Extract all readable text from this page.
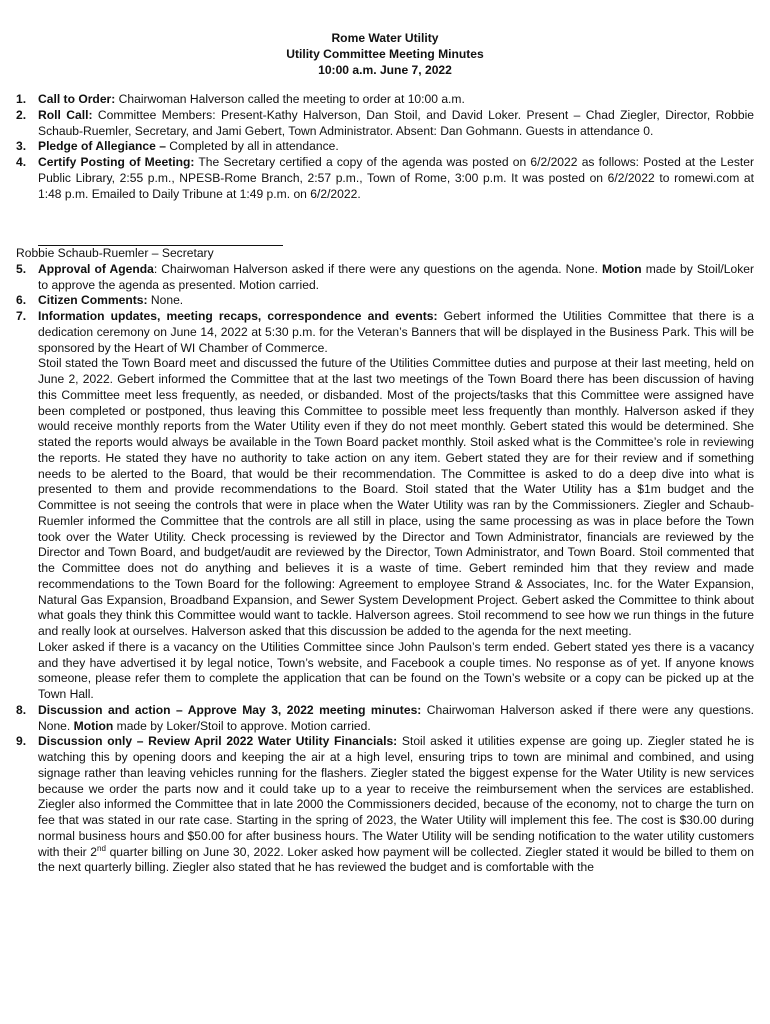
Rome Water Utility
Utility Committee Meeting Minutes
10:00 a.m. June 7, 2022
1. Call to Order: Chairwoman Halverson called the meeting to order at 10:00 a.m.
2. Roll Call: Committee Members: Present-Kathy Halverson, Dan Stoil, and David Loker. Present – Chad Ziegler, Director, Robbie Schaub-Ruemler, Secretary, and Jami Gebert, Town Administrator. Absent: Dan Gohmann. Guests in attendance 0.
3. Pledge of Allegiance – Completed by all in attendance.
4. Certify Posting of Meeting: The Secretary certified a copy of the agenda was posted on 6/2/2022 as follows: Posted at the Lester Public Library, 2:55 p.m., NPESB-Rome Branch, 2:57 p.m., Town of Rome, 3:00 p.m. It was posted on 6/2/2022 to romewi.com at 1:48 p.m. Emailed to Daily Tribune at 1:49 p.m. on 6/2/2022.
Robbie Schaub-Ruemler – Secretary
5. Approval of Agenda: Chairwoman Halverson asked if there were any questions on the agenda. None. Motion made by Stoil/Loker to approve the agenda as presented. Motion carried.
6. Citizen Comments: None.
7. Information updates, meeting recaps, correspondence and events: Gebert informed the Utilities Committee that there is a dedication ceremony on June 14, 2022 at 5:30 p.m. for the Veteran’s Banners that will be displayed in the Business Park. This will be sponsored by the Heart of WI Chamber of Commerce.
Stoil stated the Town Board meet and discussed the future of the Utilities Committee duties and purpose at their last meeting, held on June 2, 2022. Gebert informed the Committee that at the last two meetings of the Town Board there has been discussion of having this Committee meet less frequently, as needed, or disbanded. Most of the projects/tasks that this Committee were assigned have been completed or postponed, thus leaving this Committee to possible meet less frequently than monthly. Halverson asked if they would receive monthly reports from the Water Utility even if they do not meet monthly. Gebert stated this would be determined. She stated the reports would always be available in the Town Board packet monthly. Stoil asked what is the Committee’s role in reviewing the reports. He stated they have no authority to take action on any item. Gebert stated they are for their review and if something needs to be alerted to the Board, that would be their recommendation. The Committee is asked to do a deep dive into what is presented to them and provide recommendations to the Board. Stoil stated that the Water Utility has a $1m budget and the Committee is not seeing the controls that were in place when the Water Utility was ran by the Commissioners. Ziegler and Schaub-Ruemler informed the Committee that the controls are all still in place, using the same processing as was in place before the Town took over the Water Utility. Check processing is reviewed by the Director and Town Administrator, financials are reviewed by the Director and Town Board, and budget/audit are reviewed by the Director, Town Administrator, and Town Board. Stoil commented that the Committee does not do anything and believes it is a waste of time. Gebert reminded him that they review and made recommendations to the Town Board for the following: Agreement to employee Strand & Associates, Inc. for the Water Expansion, Natural Gas Expansion, Broadband Expansion, and Sewer System Development Project. Gebert asked the Committee to think about what goals they think this Committee would want to tackle. Halverson agrees. Stoil recommend to see how we run things in the future and really look at ourselves. Halverson asked that this discussion be added to the agenda for the next meeting.
Loker asked if there is a vacancy on the Utilities Committee since John Paulson’s term ended. Gebert stated yes there is a vacancy and they have advertised it by legal notice, Town’s website, and Facebook a couple times. No response as of yet. If anyone knows someone, please refer them to complete the application that can be found on the Town’s website or a copy can be picked up at the Town Hall.
8. Discussion and action – Approve May 3, 2022 meeting minutes: Chairwoman Halverson asked if there were any questions. None. Motion made by Loker/Stoil to approve. Motion carried.
9. Discussion only – Review April 2022 Water Utility Financials: Stoil asked it utilities expense are going up. Ziegler stated he is watching this by opening doors and keeping the air at a high level, ensuring trips to town are minimal and combined, and using signage rather than leaving vehicles running for the flashers. Ziegler stated the biggest expense for the Water Utility is new services because we order the parts now and it could take up to a year to receive the reimbursement when the services are established. Ziegler also informed the Committee that in late 2000 the Commissioners decided, because of the economy, not to charge the turn on fee that was stated in our rate case. Starting in the spring of 2023, the Water Utility will implement this fee. The cost is $30.00 during normal business hours and $50.00 for after business hours. The Water Utility will be sending notification to the water utility customers with their 2nd quarter billing on June 30, 2022. Loker asked how payment will be collected. Ziegler stated it would be billed to them on the next quarterly billing. Ziegler also stated that he has reviewed the budget and is comfortable with the
